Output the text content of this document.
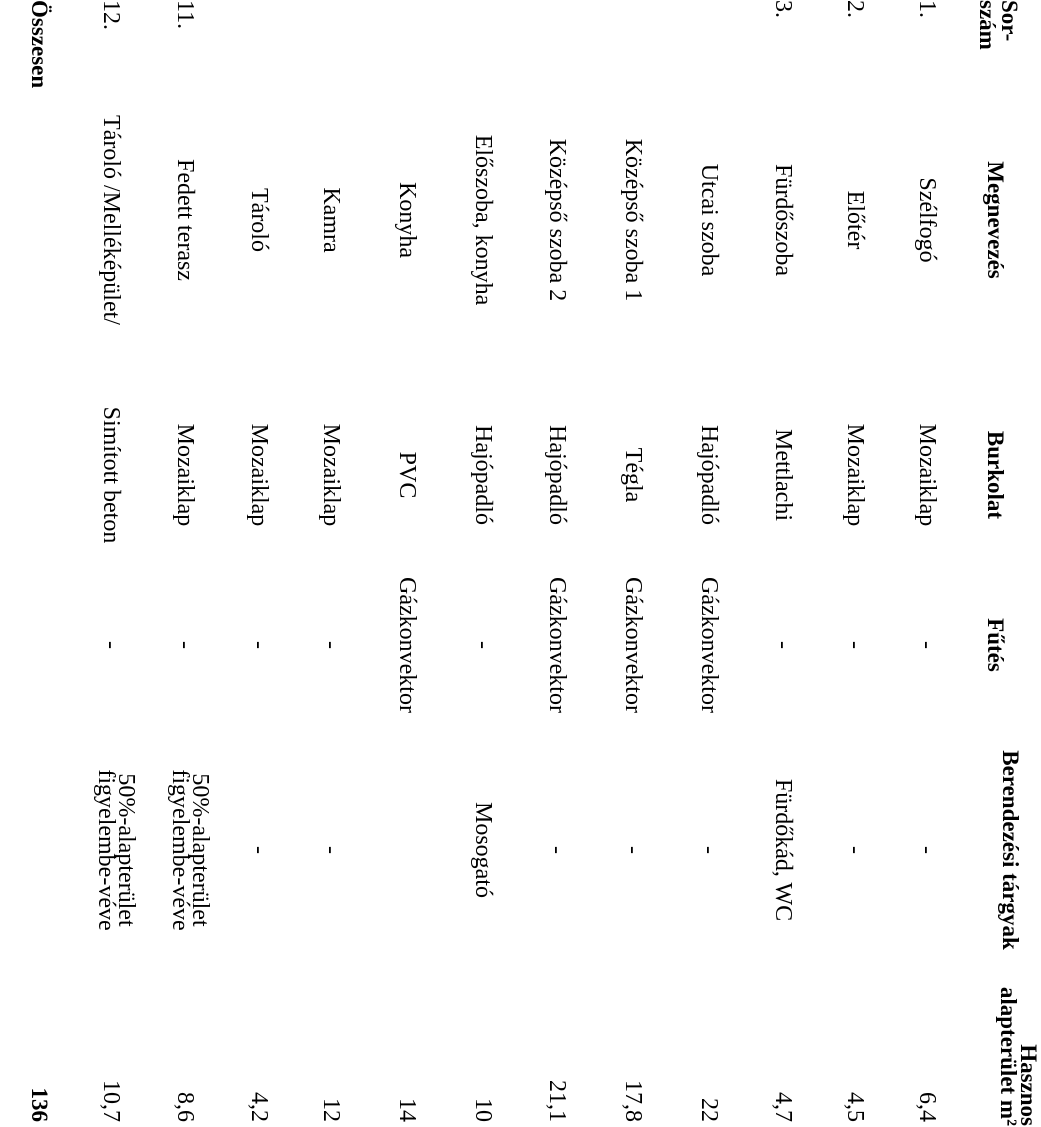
Sor-szám
Megnevezés
Burkolat
Fűtés
Berendezési tárgyak
Hasznos alapterület m²
1.
Szélfogó
Mozaiklap
-
-
6,4
2.
Előtér
Mozaiklap
-
-
4,5
3.
Fürdőszoba
Mettlachi
-
Fürdőkád, WC
4,7
Utcai szoba
Hajópadló
Gázkonvektor
-
22
Középső szoba 1
Tégla
Gázkonvektor
-
17,8
Középső szoba 2
Hajópadló
Gázkonvektor
-
21,1
Előszoba, konyha
Hajópadló
-
Mosogató
10
Konyha
PVC
Gázkonvektor
14
Kamra
Mozaiklap
-
-
12
Tároló
Mozaiklap
-
-
4,2
11.
Fedett terasz
Mozaiklap
-
50%-alapterület figyelembe-véve
8,6
12.
Tároló /Melléképület/
Simított beton
-
50%-alapterület figyelembe-véve
10,7
Összesen
136
